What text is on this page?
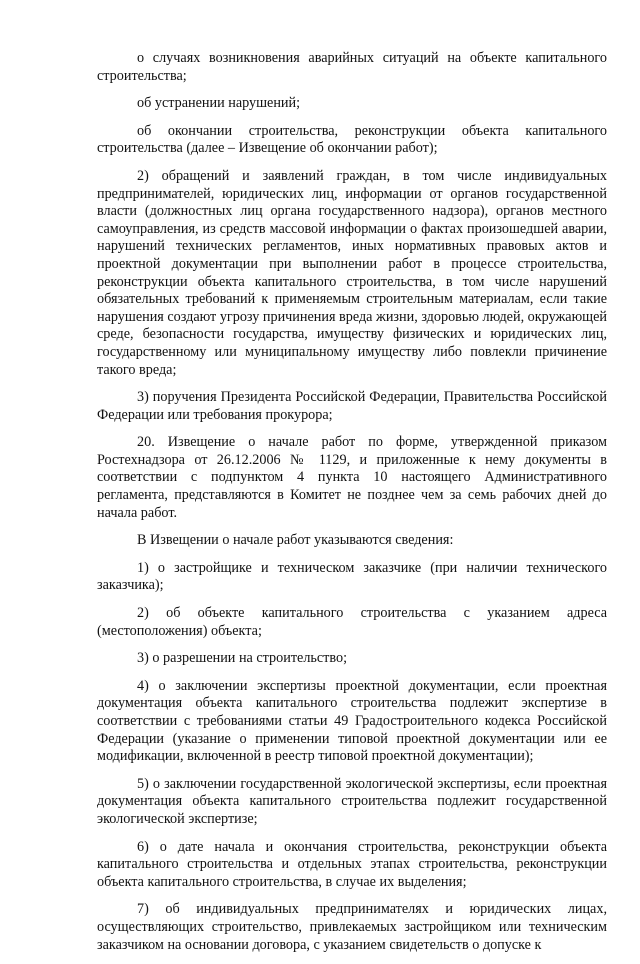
о случаях возникновения аварийных ситуаций на объекте капитального строительства;

об устранении нарушений;

об окончании строительства, реконструкции объекта капитального строительства (далее – Извещение об окончании работ);

2) обращений и заявлений граждан, в том числе индивидуальных предпринимателей, юридических лиц, информации от органов государственной власти (должностных лиц органа государственного надзора), органов местного самоуправления, из средств массовой информации о фактах произошедшей аварии, нарушений технических регламентов, иных нормативных правовых актов и проектной документации при выполнении работ в процессе строительства, реконструкции объекта капитального строительства, в том числе нарушений обязательных требований к применяемым строительным материалам, если такие нарушения создают угрозу причинения вреда жизни, здоровью людей, окружающей среде, безопасности государства, имуществу физических и юридических лиц, государственному или муниципальному имуществу либо повлекли причинение такого вреда;

3) поручения Президента Российской Федерации, Правительства Российской Федерации или требования прокурора;

20. Извещение о начале работ по форме, утвержденной приказом Ростехнадзора от 26.12.2006 № 1129, и приложенные к нему документы в соответствии с подпунктом 4 пункта 10 настоящего Административного регламента, представляются в Комитет не позднее чем за семь рабочих дней до начала работ.

В Извещении о начале работ указываются сведения:

1) о застройщике и техническом заказчике (при наличии технического заказчика);

2) об объекте капитального строительства с указанием адреса (местоположения) объекта;

3) о разрешении на строительство;

4) о заключении экспертизы проектной документации, если проектная документация объекта капитального строительства подлежит экспертизе в соответствии с требованиями статьи 49 Градостроительного кодекса Российской Федерации (указание о применении типовой проектной документации или ее модификации, включенной в реестр типовой проектной документации);

5) о заключении государственной экологической экспертизы, если проектная документация объекта капитального строительства подлежит государственной экологической экспертизе;

6) о дате начала и окончания строительства, реконструкции объекта капитального строительства и отдельных этапах строительства, реконструкции объекта капитального строительства, в случае их выделения;

7) об индивидуальных предпринимателях и юридических лицах, осуществляющих строительство, привлекаемых застройщиком или техническим заказчиком на основании договора, с указанием свидетельств о допуске к
